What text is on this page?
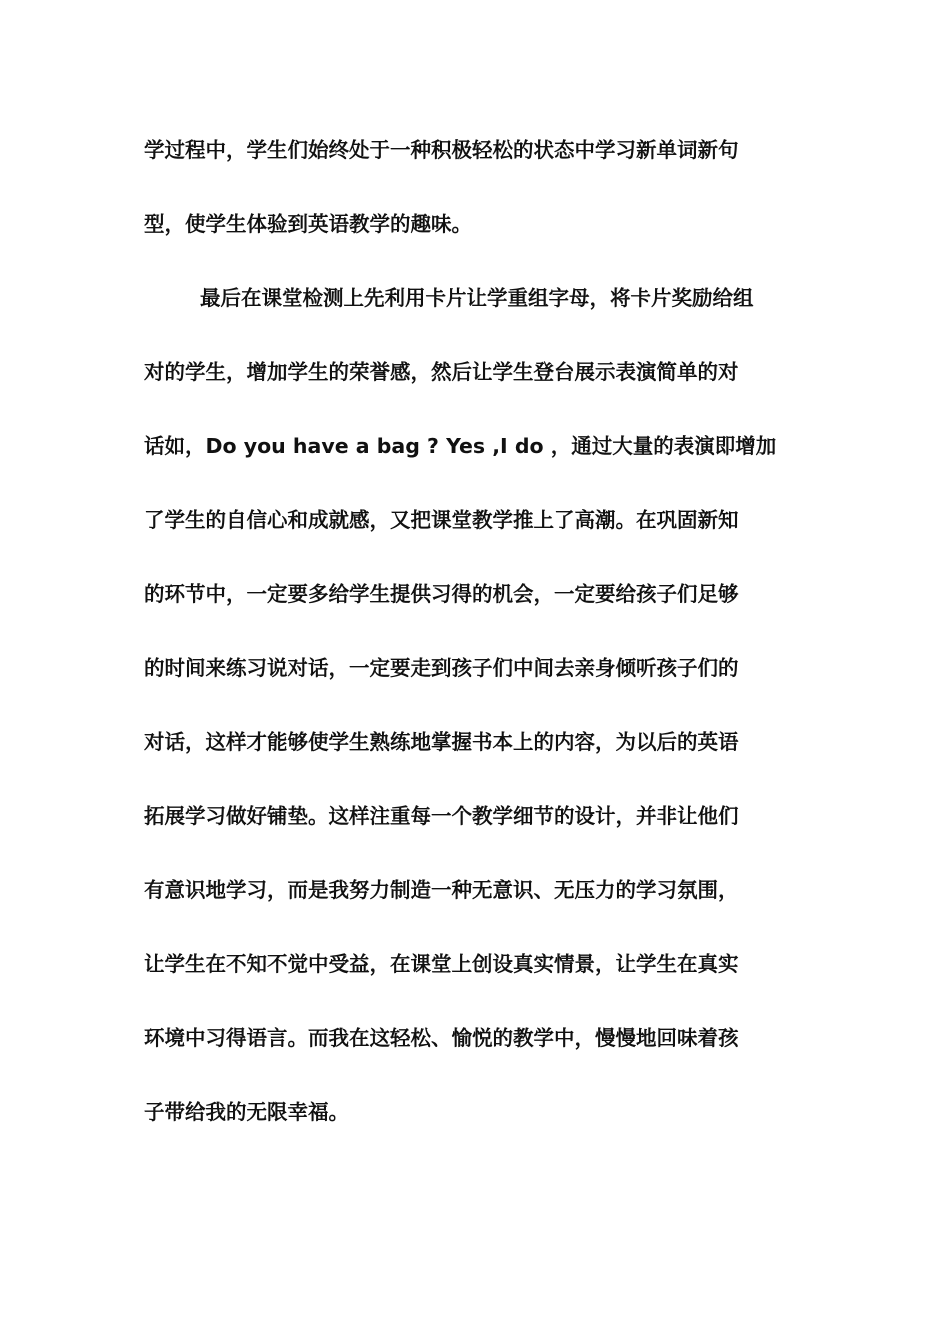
学过程中，学生们始终处于一种积极轻松的状态中学习新单词新句
型，使学生体验到英语教学的趣味。
最后在课堂检测上先利用卡片让学重组字母，将卡片奖励给组
对的学生，增加学生的荣誉感，然后让学生登台展示表演简单的对
话如，Do you have a bag ? Yes ,I do ，通过大量的表演即增加
了学生的自信心和成就感，又把课堂教学推上了高潮。在巩固新知
的环节中，一定要多给学生提供习得的机会，一定要给孩子们足够
的时间来练习说对话，一定要走到孩子们中间去亲身倾听孩子们的
对话，这样才能够使学生熟练地掌握书本上的内容，为以后的英语
拓展学习做好铺垫。这样注重每一个教学细节的设计，并非让他们
有意识地学习，而是我努力制造一种无意识、无压力的学习氛围，
让学生在不知不觉中受益，在课堂上创设真实情景，让学生在真实
环境中习得语言。而我在这轻松、愉悦的教学中，慢慢地回味着孩
子带给我的无限幸福。
